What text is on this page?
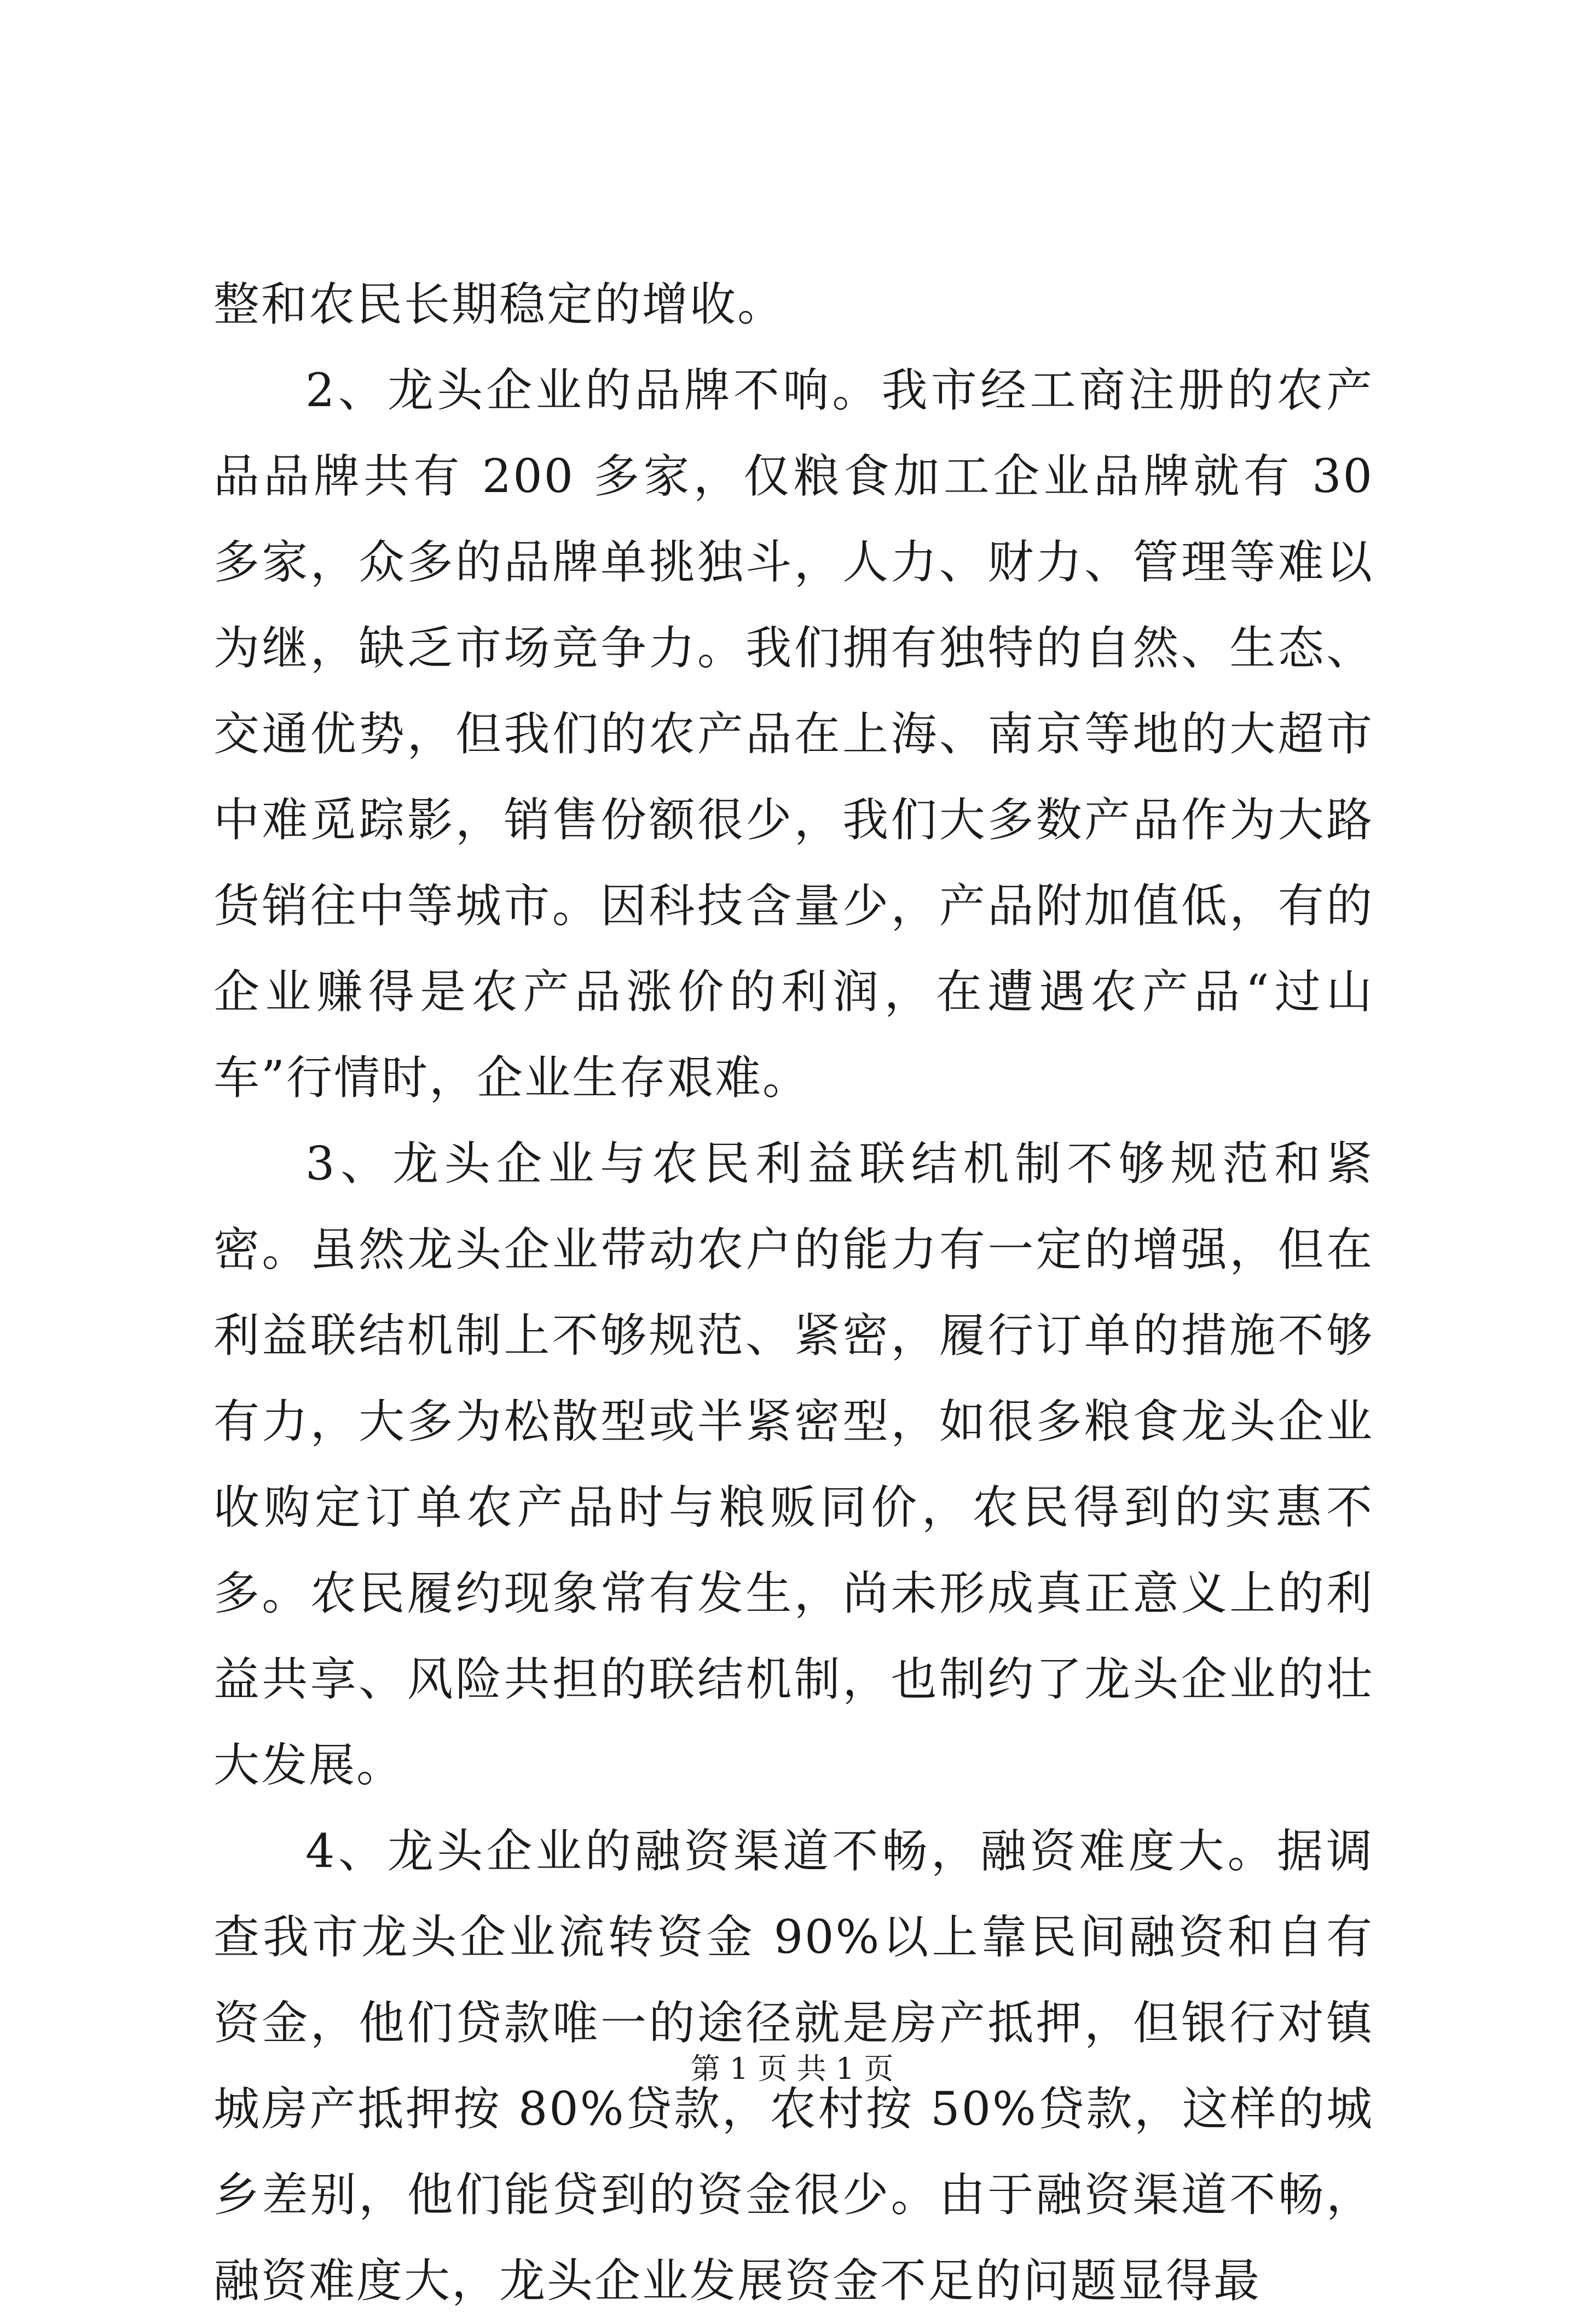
整和农民长期稳定的增收。

2、龙头企业的品牌不响。我市经工商注册的农产品品牌共有 200 多家，仅粮食加工企业品牌就有 30 多家，众多的品牌单挑独斗，人力、财力、管理等难以为继，缺乏市场竞争力。我们拥有独特的自然、生态、交通优势，但我们的农产品在上海、南京等地的大超市中难觅踪影，销售份额很少，我们大多数产品作为大路货销往中等城市。因科技含量少，产品附加值低，有的企业赚得是农产品涨价的利润，在遭遇农产品“过山车”行情时，企业生存艰难。

3、龙头企业与农民利益联结机制不够规范和紧密。虽然龙头企业带动农户的能力有一定的增强，但在利益联结机制上不够规范、紧密，履行订单的措施不够有力，大多为松散型或半紧密型，如很多粮食龙头企业收购定订单农产品时与粮贩同价，农民得到的实惠不多。农民履约现象常有发生，尚未形成真正意义上的利益共享、风险共担的联结机制，也制约了龙头企业的壮大发展。

4、龙头企业的融资渠道不畅，融资难度大。据调查我市龙头企业流转资金 90%以上靠民间融资和自有资金，他们贷款唯一的途径就是房产抵押，但银行对镇城房产抵押按 80%贷款，农村按 50%贷款，这样的城乡差别，他们能贷到的资金很少。由于融资渠道不畅，融资难度大，龙头企业发展资金不足的问题显得最

第 1 页 共 1 页
